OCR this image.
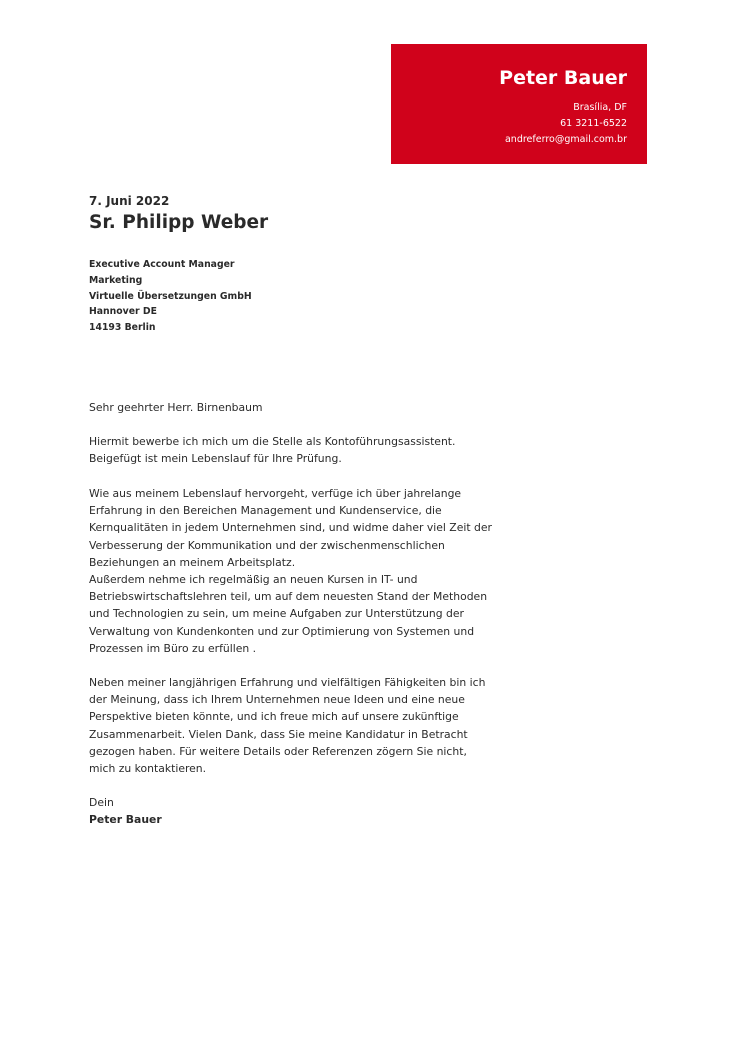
Peter Bauer
Brasília, DF
61 3211-6522
andreferro@gmail.com.br
7. Juni 2022
Sr. Philipp Weber
Executive Account Manager
Marketing
Virtuelle Übersetzungen GmbH
Hannover DE
14193 Berlin
Sehr geehrter Herr. Birnenbaum
Hiermit bewerbe ich mich um die Stelle als Kontoführungsassistent.
Beigefügt ist mein Lebenslauf für Ihre Prüfung.
Wie aus meinem Lebenslauf hervorgeht, verfüge ich über jahrelange
Erfahrung in den Bereichen Management und Kundenservice, die
Kernqualitäten in jedem Unternehmen sind, und widme daher viel Zeit der
Verbesserung der Kommunikation und der zwischenmenschlichen
Beziehungen an meinem Arbeitsplatz.
Außerdem nehme ich regelmäßig an neuen Kursen in IT- und
Betriebswirtschaftslehren teil, um auf dem neuesten Stand der Methoden
und Technologien zu sein, um meine Aufgaben zur Unterstützung der
Verwaltung von Kundenkonten und zur Optimierung von Systemen und
Prozessen im Büro zu erfüllen .
Neben meiner langjährigen Erfahrung und vielfältigen Fähigkeiten bin ich
der Meinung, dass ich Ihrem Unternehmen neue Ideen und eine neue
Perspektive bieten könnte, und ich freue mich auf unsere zukünftige
Zusammenarbeit. Vielen Dank, dass Sie meine Kandidatur in Betracht
gezogen haben. Für weitere Details oder Referenzen zögern Sie nicht,
mich zu kontaktieren.
Dein
Peter Bauer
